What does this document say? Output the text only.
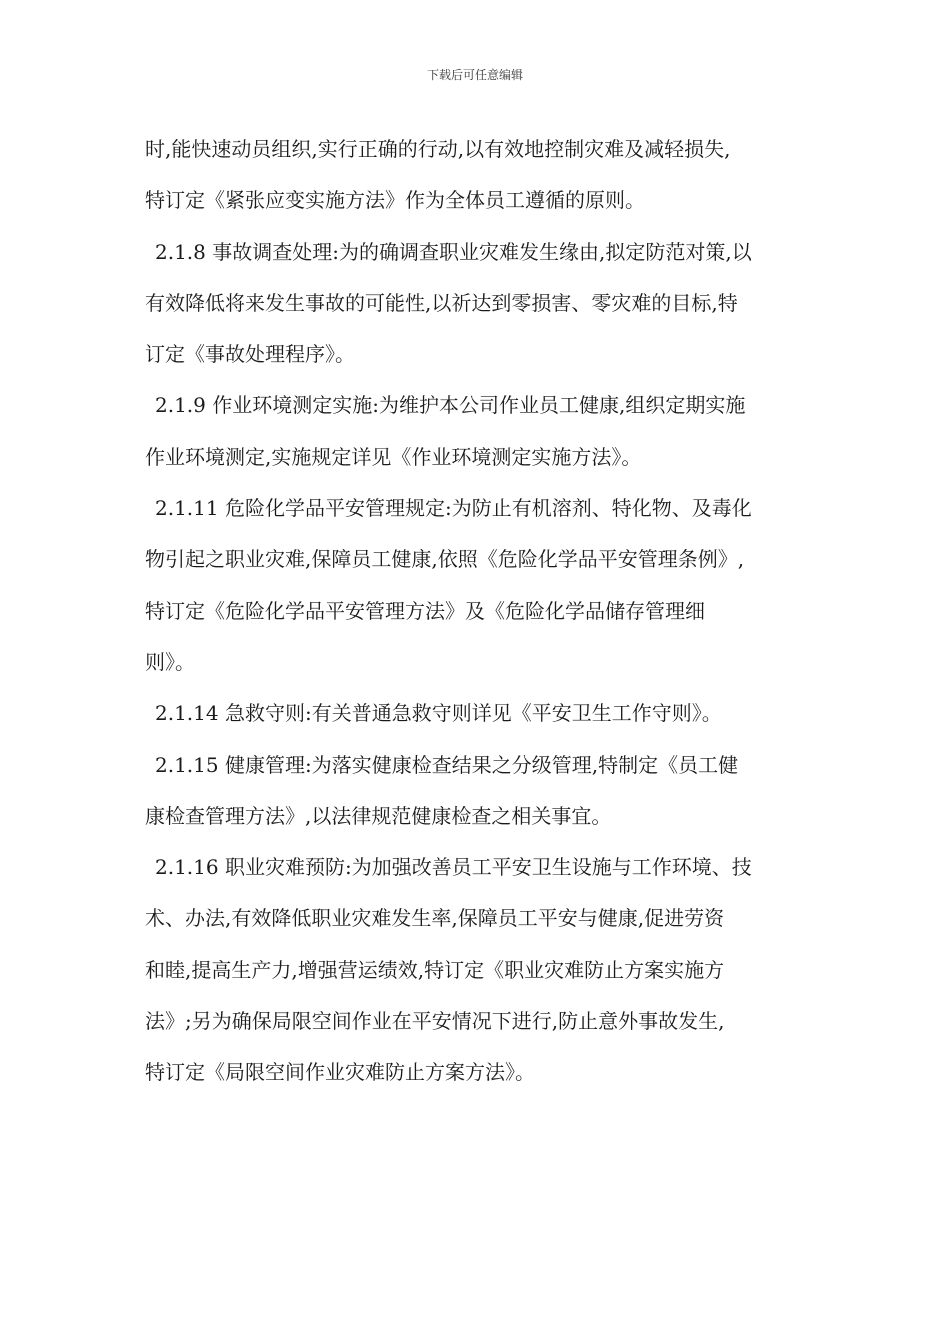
下载后可任意编辑
时,能快速动员组织,实行正确的行动,以有效地控制灾难及减轻损失,
特订定《紧张应变实施方法》作为全体员工遵循的原则。
2.1.8 事故调查处理:为的确调查职业灾难发生缘由,拟定防范对策,以
有效降低将来发生事故的可能性,以祈达到零损害、零灾难的目标,特
订定《事故处理程序》。
2.1.9 作业环境测定实施:为维护本公司作业员工健康,组织定期实施
作业环境测定,实施规定详见《作业环境测定实施方法》。
2.1.11 危险化学品平安管理规定:为防止有机溶剂、特化物、及毒化
物引起之职业灾难,保障员工健康,依照《危险化学品平安管理条例》,
特订定《危险化学品平安管理方法》及《危险化学品储存管理细
则》。
2.1.14 急救守则:有关普通急救守则详见《平安卫生工作守则》。
2.1.15 健康管理:为落实健康检查结果之分级管理,特制定《员工健
康检查管理方法》,以法律规范健康检查之相关事宜。
2.1.16 职业灾难预防:为加强改善员工平安卫生设施与工作环境、技
术、办法,有效降低职业灾难发生率,保障员工平安与健康,促进劳资
和睦,提高生产力,增强营运绩效,特订定《职业灾难防止方案实施方
法》;另为确保局限空间作业在平安情况下进行,防止意外事故发生,
特订定《局限空间作业灾难防止方案方法》。
